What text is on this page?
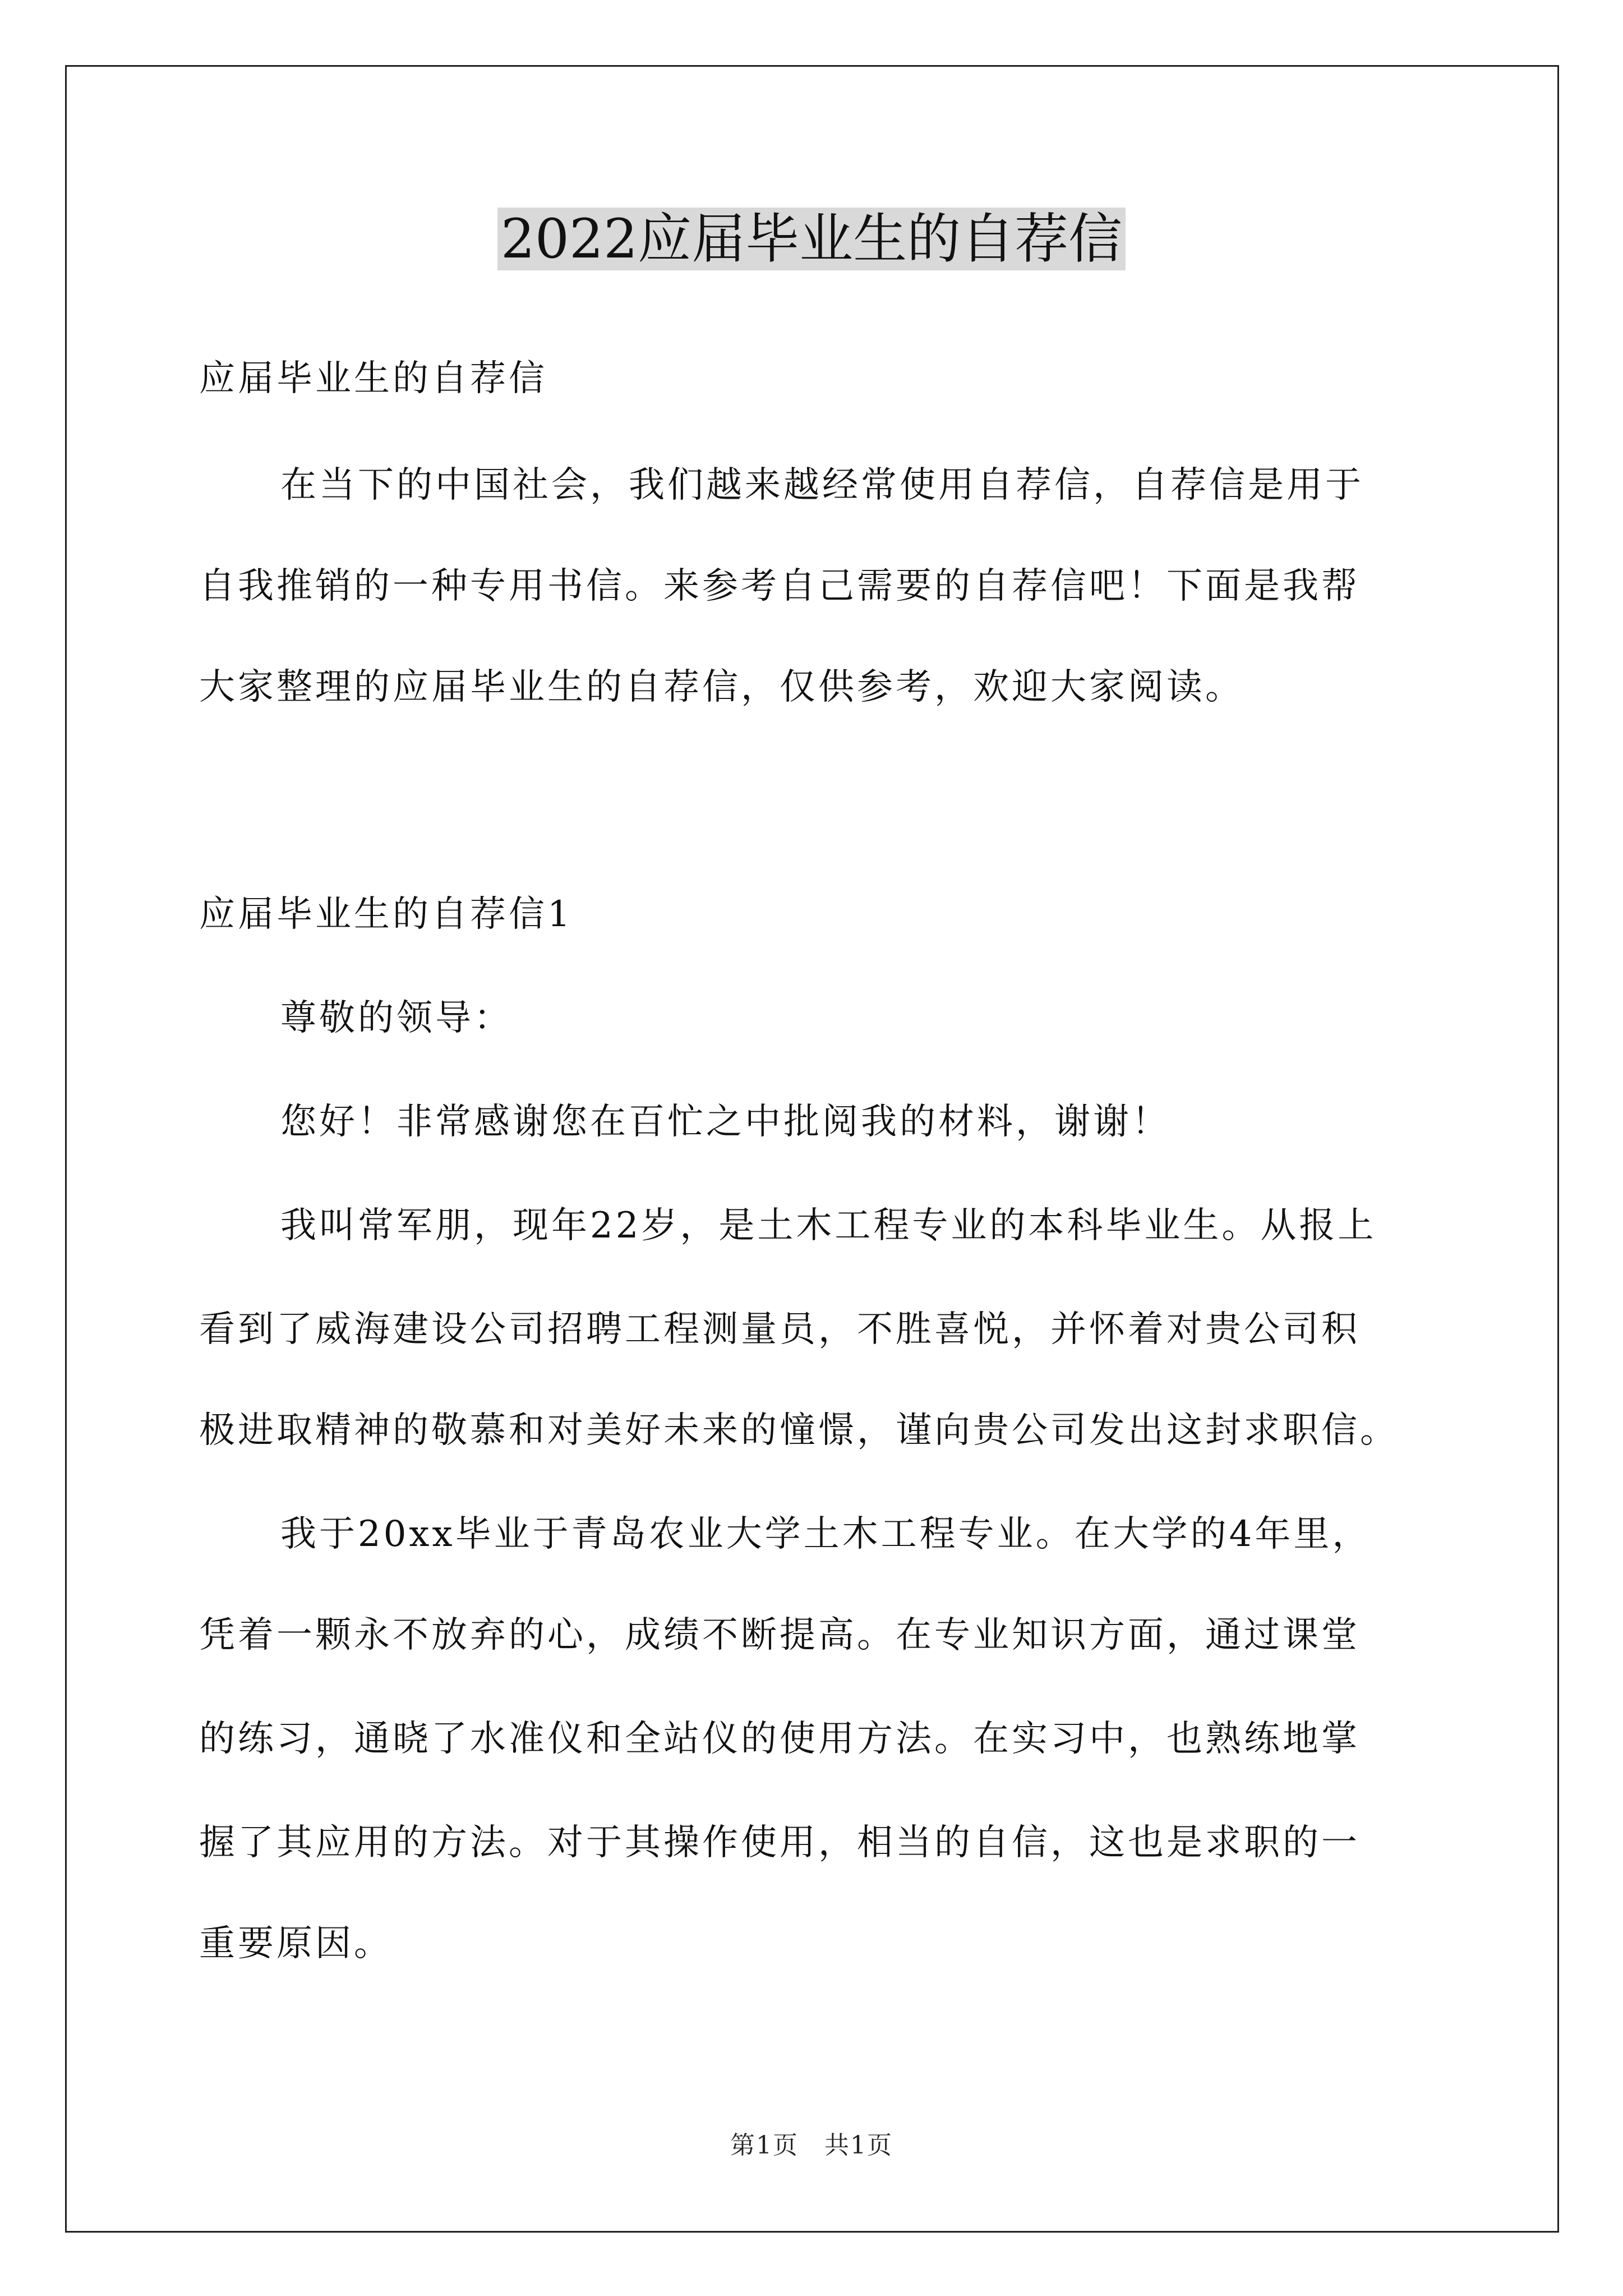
2022应届毕业生的自荐信
应届毕业生的自荐信
在当下的中国社会，我们越来越经常使用自荐信，自荐信是用于
自我推销的一种专用书信。来参考自己需要的自荐信吧！下面是我帮
大家整理的应届毕业生的自荐信，仅供参考，欢迎大家阅读。
应届毕业生的自荐信1
尊敬的领导：
您好！非常感谢您在百忙之中批阅我的材料，谢谢！
我叫常军朋，现年22岁，是土木工程专业的本科毕业生。从报上
看到了威海建设公司招聘工程测量员，不胜喜悦，并怀着对贵公司积
极进取精神的敬慕和对美好未来的憧憬，谨向贵公司发出这封求职信。
我于20xx毕业于青岛农业大学土木工程专业。在大学的4年里，
凭着一颗永不放弃的心，成绩不断提高。在专业知识方面，通过课堂
的练习，通晓了水准仪和全站仪的使用方法。在实习中，也熟练地掌
握了其应用的方法。对于其操作使用，相当的自信，这也是求职的一
重要原因。
第1页　共1页
